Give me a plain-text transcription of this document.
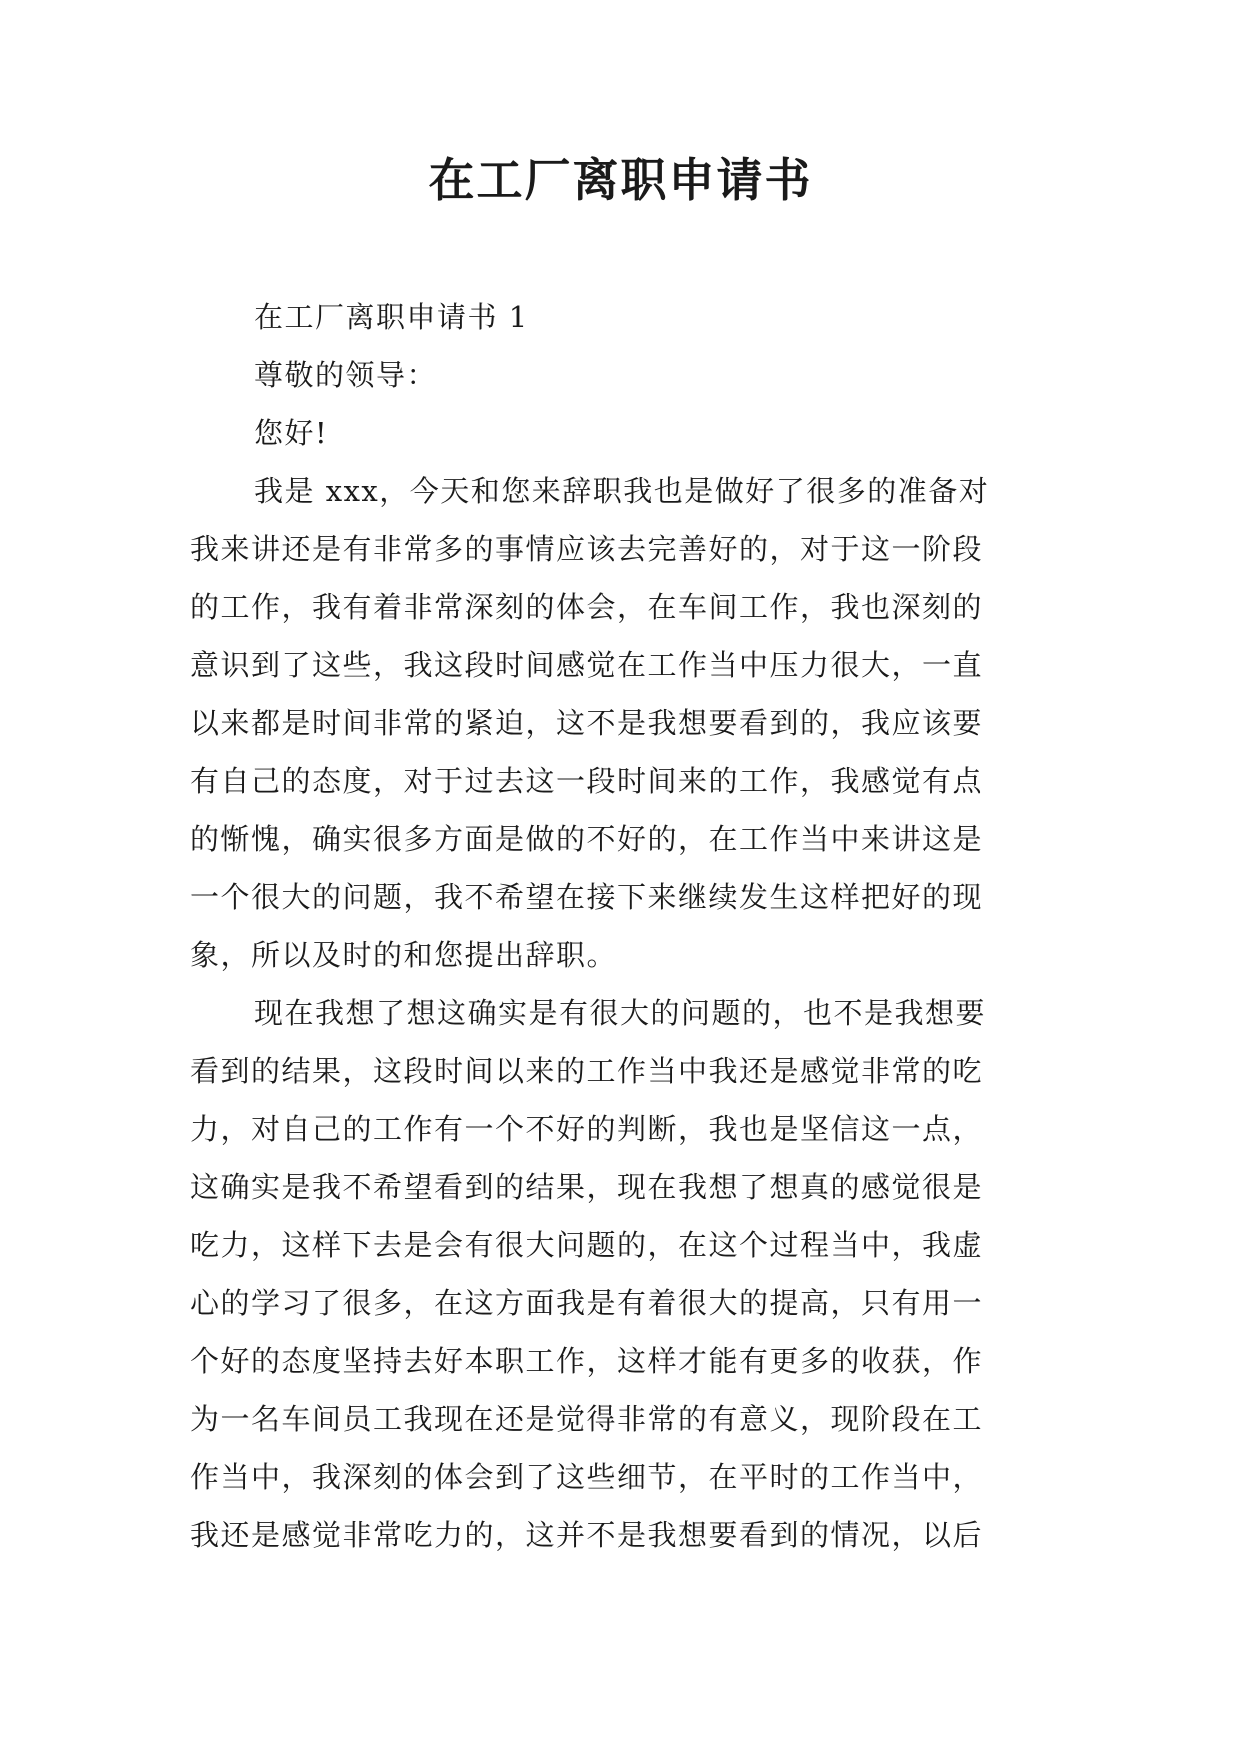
在工厂离职申请书
在工厂离职申请书 1
尊敬的领导：
您好!
我是 xxx，今天和您来辞职我也是做好了很多的准备对
我来讲还是有非常多的事情应该去完善好的，对于这一阶段
的工作，我有着非常深刻的体会，在车间工作，我也深刻的
意识到了这些，我这段时间感觉在工作当中压力很大，一直
以来都是时间非常的紧迫，这不是我想要看到的，我应该要
有自己的态度，对于过去这一段时间来的工作，我感觉有点
的惭愧，确实很多方面是做的不好的，在工作当中来讲这是
一个很大的问题，我不希望在接下来继续发生这样把好的现
象，所以及时的和您提出辞职。
现在我想了想这确实是有很大的问题的，也不是我想要
看到的结果，这段时间以来的工作当中我还是感觉非常的吃
力，对自己的工作有一个不好的判断，我也是坚信这一点，
这确实是我不希望看到的结果，现在我想了想真的感觉很是
吃力，这样下去是会有很大问题的，在这个过程当中，我虚
心的学习了很多，在这方面我是有着很大的提高，只有用一
个好的态度坚持去好本职工作，这样才能有更多的收获，作
为一名车间员工我现在还是觉得非常的有意义，现阶段在工
作当中，我深刻的体会到了这些细节，在平时的工作当中，
我还是感觉非常吃力的，这并不是我想要看到的情况，以后
